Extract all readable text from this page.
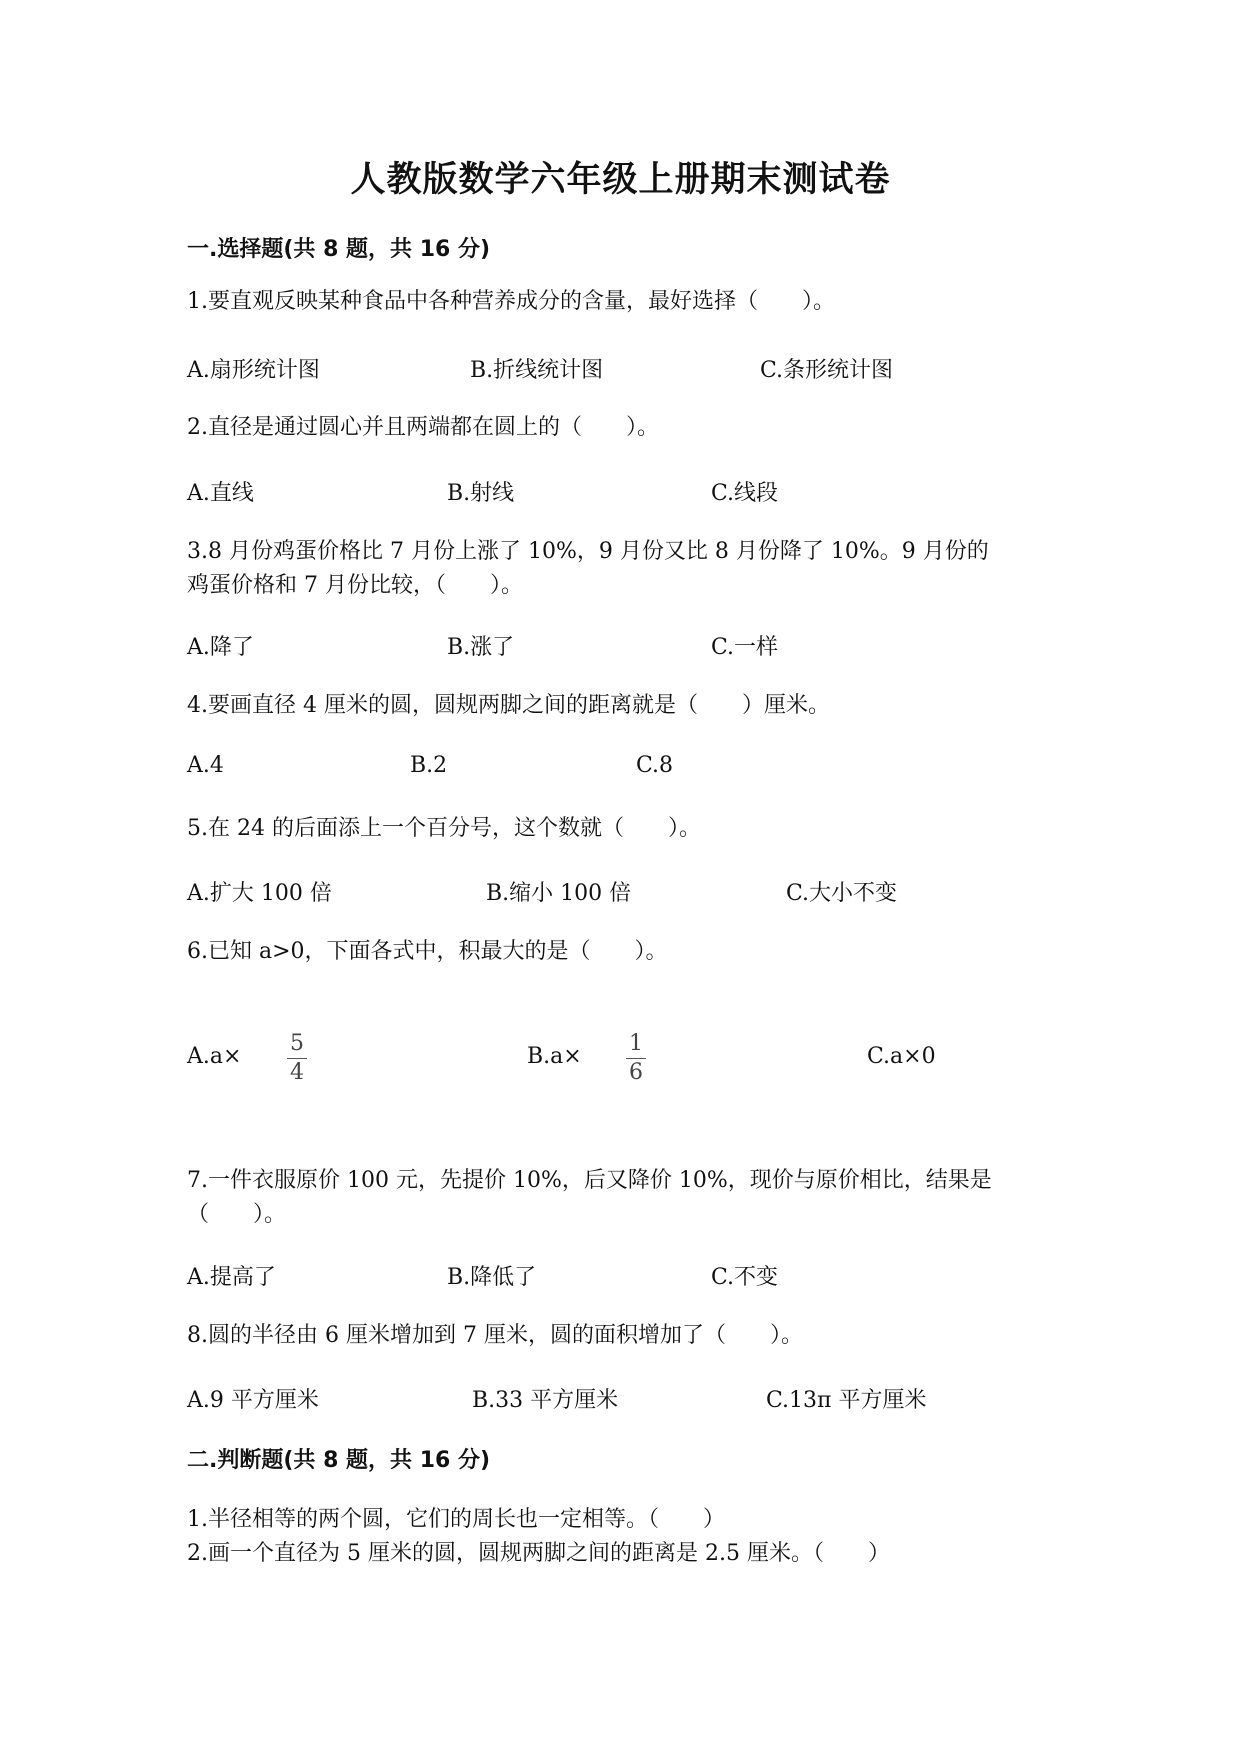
人教版数学六年级上册期末测试卷
一.选择题(共 8 题，共 16 分)
1.要直观反映某种食品中各种营养成分的含量，最好选择（　　）。
A.扇形统计图	B.折线统计图	C.条形统计图
2.直径是通过圆心并且两端都在圆上的（　　）。
A.直线	B.射线	C.线段
3.8 月份鸡蛋价格比 7 月份上涨了 10%，9 月份又比 8 月份降了 10%。9 月份的
鸡蛋价格和 7 月份比较，（　　）。
A.降了	B.涨了	C.一样
4.要画直径 4 厘米的圆，圆规两脚之间的距离就是（　　）厘米。
A.4	B.2	C.8
5.在 24 的后面添上一个百分号，这个数就（　　）。
A.扩大 100 倍	B.缩小 100 倍	C.大小不变
6.已知 a>0，下面各式中，积最大的是（　　）。
A.a×
5
4
B.a×
1
6
C.a×0
7.一件衣服原价 100 元，先提价 10%，后又降价 10%，现价与原价相比，结果是
（　　）。
A.提高了	B.降低了	C.不变
8.圆的半径由 6 厘米增加到 7 厘米，圆的面积增加了（　　）。
A.9 平方厘米	B.33 平方厘米	C.13π 平方厘米
二.判断题(共 8 题，共 16 分)
1.半径相等的两个圆，它们的周长也一定相等。（　　）
2.画一个直径为 5 厘米的圆，圆规两脚之间的距离是 2.5 厘米。（　　）
